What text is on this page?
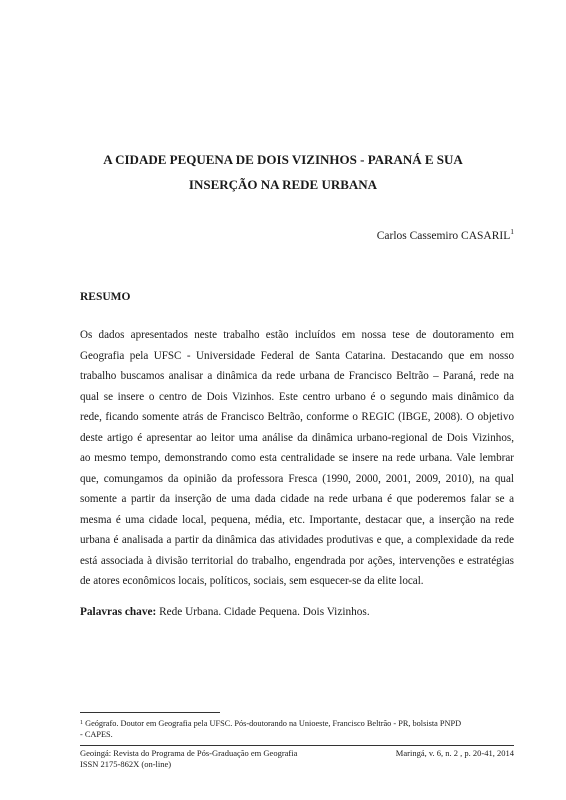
A CIDADE PEQUENA DE DOIS VIZINHOS - PARANÁ E SUA
INSERÇÃO NA REDE URBANA
Carlos Cassemiro CASARIL$^1$
RESUMO
Os dados apresentados neste trabalho estão incluídos em nossa tese de doutoramento em
Geografia pela UFSC - Universidade Federal de Santa Catarina. Destacando que em nosso
trabalho buscamos analisar a dinâmica da rede urbana de Francisco Beltrão – Paraná, rede na
qual se insere o centro de Dois Vizinhos. Este centro urbano é o segundo mais dinâmico da
rede, ficando somente atrás de Francisco Beltrão, conforme o REGIC (IBGE, 2008). O objetivo
deste artigo é apresentar ao leitor uma análise da dinâmica urbano-regional de Dois Vizinhos,
ao mesmo tempo, demonstrando como esta centralidade se insere na rede urbana. Vale lembrar
que, comungamos da opinião da professora Fresca (1990, 2000, 2001, 2009, 2010), na qual
somente a partir da inserção de uma dada cidade na rede urbana é que poderemos falar se a
mesma é uma cidade local, pequena, média, etc. Importante, destacar que, a inserção na rede
urbana é analisada a partir da dinâmica das atividades produtivas e que, a complexidade da rede
está associada à divisão territorial do trabalho, engendrada por ações, intervenções e estratégias
de atores econômicos locais, políticos, sociais, sem esquecer-se da elite local.
Palavras chave: Rede Urbana. Cidade Pequena. Dois Vizinhos.
$^1$ Geógrafo. Doutor em Geografia pela UFSC. Pós-doutorando na Unioeste, Francisco Beltrão - PR, bolsista PNPD
- CAPES.
Geoingá: Revista do Programa de Pós-Graduação em Geografia
ISSN 2175-862X (on-line)
Maringá, v. 6, n. 2 , p. 20-41, 2014
